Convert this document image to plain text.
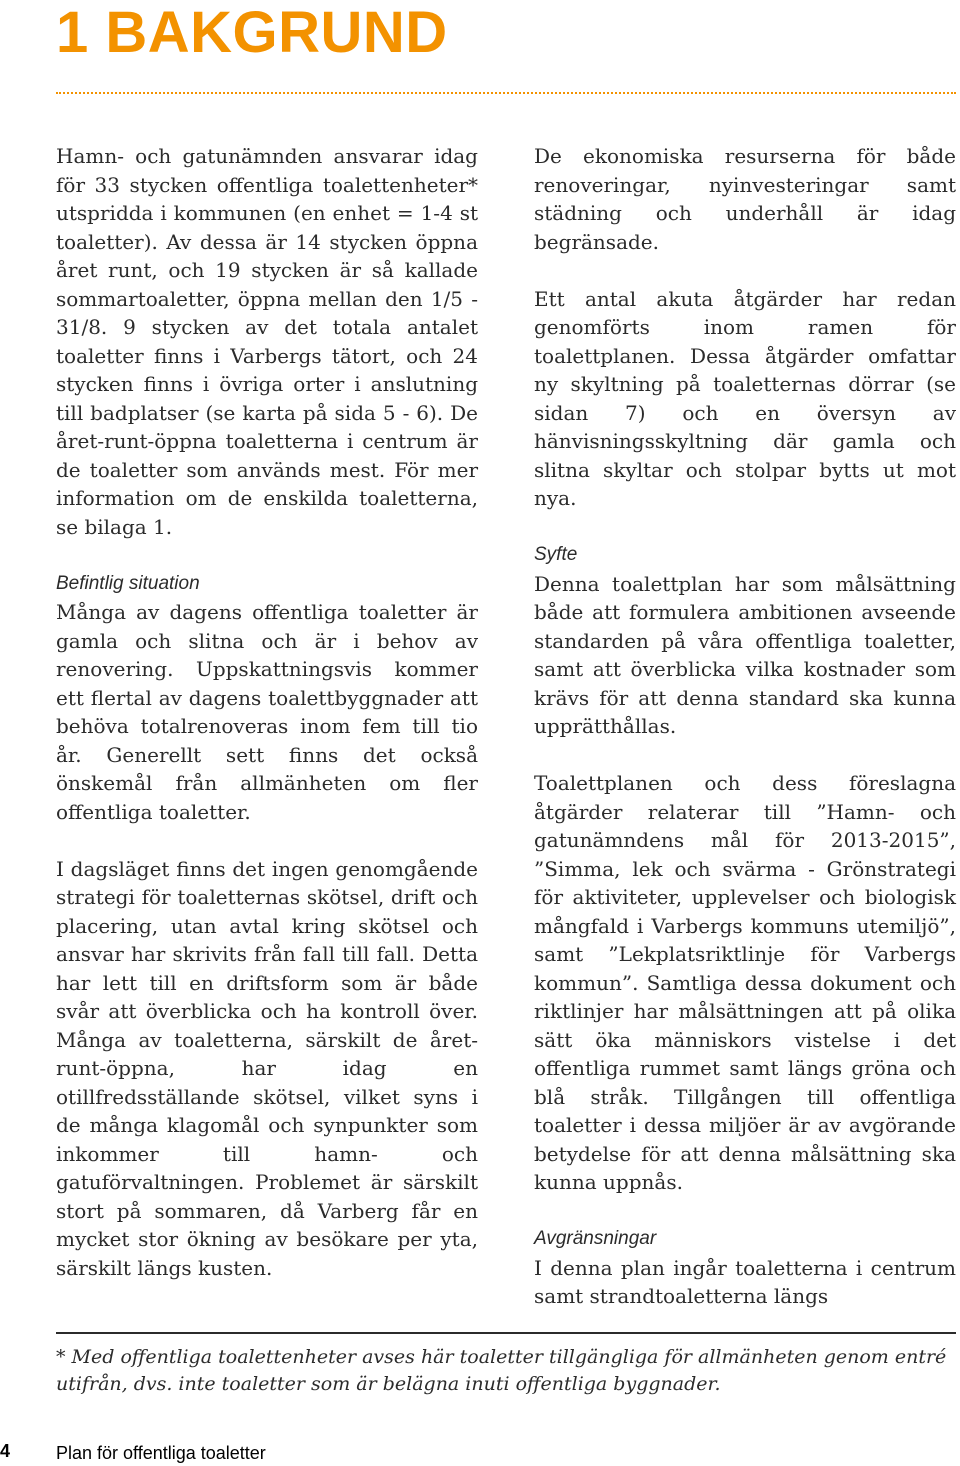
1 BAKGRUND

Hamn- och gatunämnden ansvarar idag för 33 stycken offentliga toalettenheter* utspridda i kommunen (en enhet = 1-4 st toaletter). Av dessa är 14 stycken öppna året runt, och 19 stycken är så kallade sommartoaletter, öppna mellan den 1/5 - 31/8. 9 stycken av det totala antalet toaletter finns i Varbergs tätort, och 24 stycken finns i övriga orter i anslutning till badplatser (se karta på sida 5 - 6). De året-runt-öppna toaletterna i centrum är de toaletter som används mest. För mer information om de enskilda toaletterna, se bilaga 1.

Befintlig situation

Många av dagens offentliga toaletter är gamla och slitna och är i behov av renovering. Uppskattningsvis kommer ett flertal av dagens toalettbyggnader att behöva totalrenoveras inom fem till tio år. Generellt sett finns det också önskemål från allmänheten om fler offentliga toaletter.

I dagsläget finns det ingen genomgående strategi för toaletternas skötsel, drift och placering, utan avtal kring skötsel och ansvar har skrivits från fall till fall. Detta har lett till en driftsform som är både svår att överblicka och ha kontroll över. Många av toaletterna, särskilt de året-runt-öppna, har idag en otillfredsställande skötsel, vilket syns i de många klagomål och synpunkter som inkommer till hamn- och gatuförvaltningen. Problemet är särskilt stort på sommaren, då Varberg får en mycket stor ökning av besökare per yta, särskilt längs kusten.

De ekonomiska resurserna för både renoveringar, nyinvesteringar samt städning och underhåll är idag begränsade.

Ett antal akuta åtgärder har redan genomförts inom ramen för toalettplanen. Dessa åtgärder omfattar ny skyltning på toaletternas dörrar (se sidan 7) och en översyn av hänvisningsskyltning där gamla och slitna skyltar och stolpar bytts ut mot nya.

Syfte

Denna toalettplan har som målsättning både att formulera ambitionen avseende standarden på våra offentliga toaletter, samt att överblicka vilka kostnader som krävs för att denna standard ska kunna upprätthållas.

Toalettplanen och dess föreslagna åtgärder relaterar till ”Hamn- och gatunämndens mål för 2013-2015”, ”Simma, lek och svärma - Grönstrategi för aktiviteter, upplevelser och biologisk mångfald i Varbergs kommuns utemiljö”, samt ”Lekplatsriktlinje för Varbergs kommun”. Samtliga dessa dokument och riktlinjer har målsättningen att på olika sätt öka människors vistelse i det offentliga rummet samt längs gröna och blå stråk. Tillgången till offentliga toaletter i dessa miljöer är av avgörande betydelse för att denna målsättning ska kunna uppnås.

Avgränsningar

I denna plan ingår toaletterna i centrum samt strandtoaletterna längs

* Med offentliga toalettenheter avses här toaletter tillgängliga för allmänheten genom entré utifrån, dvs. inte toaletter som är belägna inuti offentliga byggnader.

4	Plan för offentliga toaletter
